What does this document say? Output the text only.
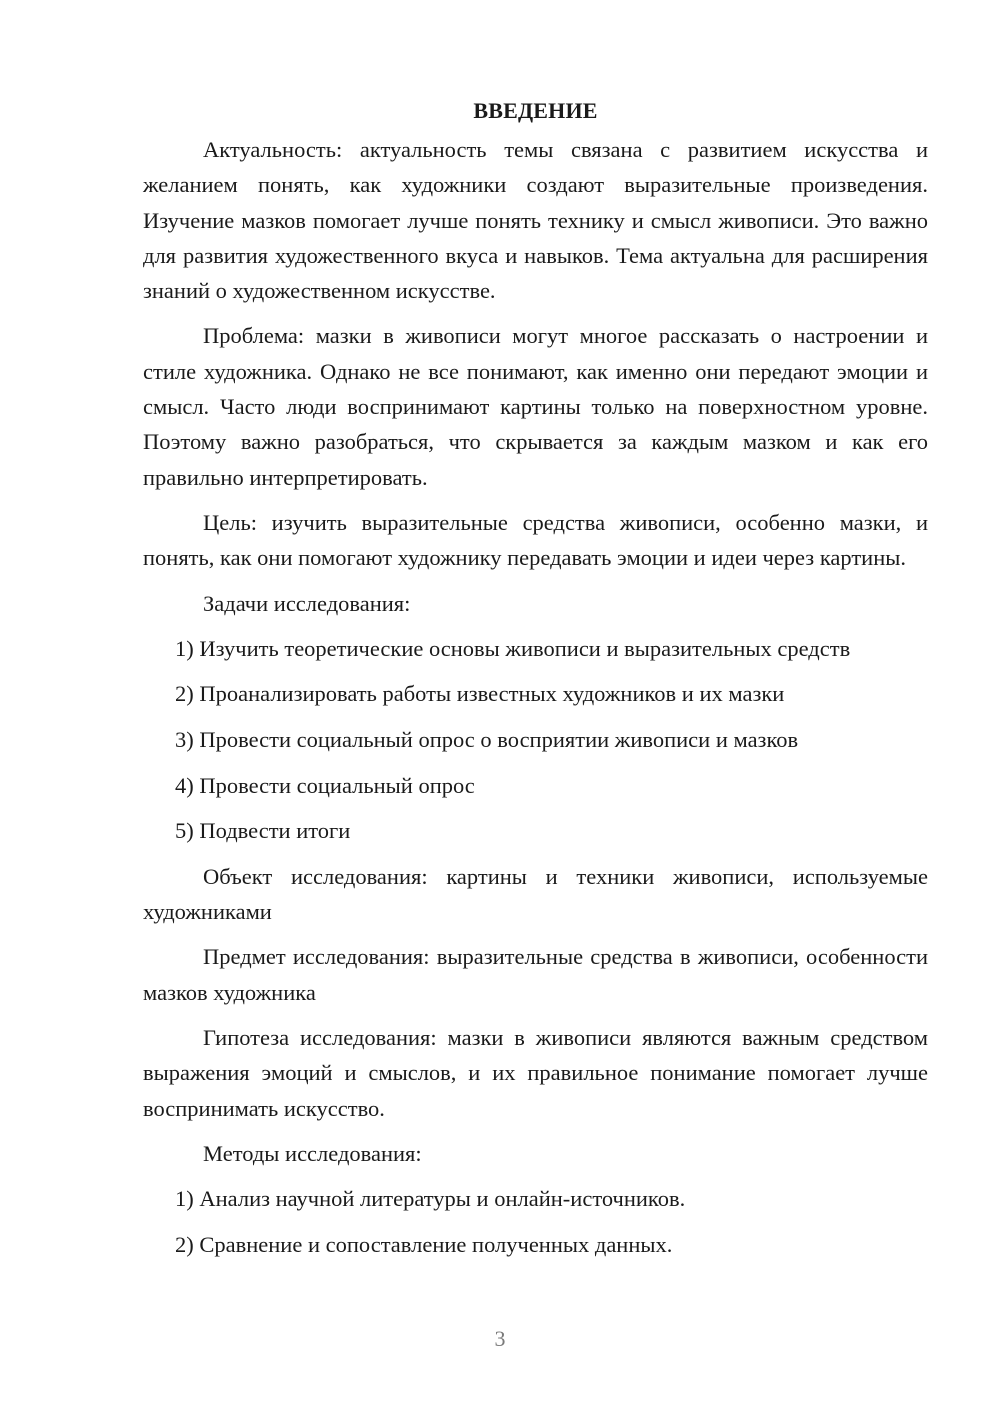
ВВЕДЕНИЕ

Актуальность: актуальность темы связана с развитием искусства и желанием понять, как художники создают выразительные произведения. Изучение мазков помогает лучше понять технику и смысл живописи. Это важно для развития художественного вкуса и навыков. Тема актуальна для расширения знаний о художественном искусстве.

Проблема: мазки в живописи могут многое рассказать о настроении и стиле художника. Однако не все понимают, как именно они передают эмоции и смысл. Часто люди воспринимают картины только на поверхностном уровне. Поэтому важно разобраться, что скрывается за каждым мазком и как его правильно интерпретировать.

Цель: изучить выразительные средства живописи, особенно мазки, и понять, как они помогают художнику передавать эмоции и идеи через картины.

Задачи исследования:

1) Изучить теоретические основы живописи и выразительных средств
2) Проанализировать работы известных художников и их мазки
3) Провести социальный опрос о восприятии живописи и мазков
4) Провести социальный опрос
5) Подвести итоги

Объект исследования: картины и техники живописи, используемые художниками

Предмет исследования: выразительные средства в живописи, особенности мазков художника

Гипотеза исследования: мазки в живописи являются важным средством выражения эмоций и смыслов, и их правильное понимание помогает лучше воспринимать искусство.

Методы исследования:

1) Анализ научной литературы и онлайн-источников.
2) Сравнение и сопоставление полученных данных.
3
